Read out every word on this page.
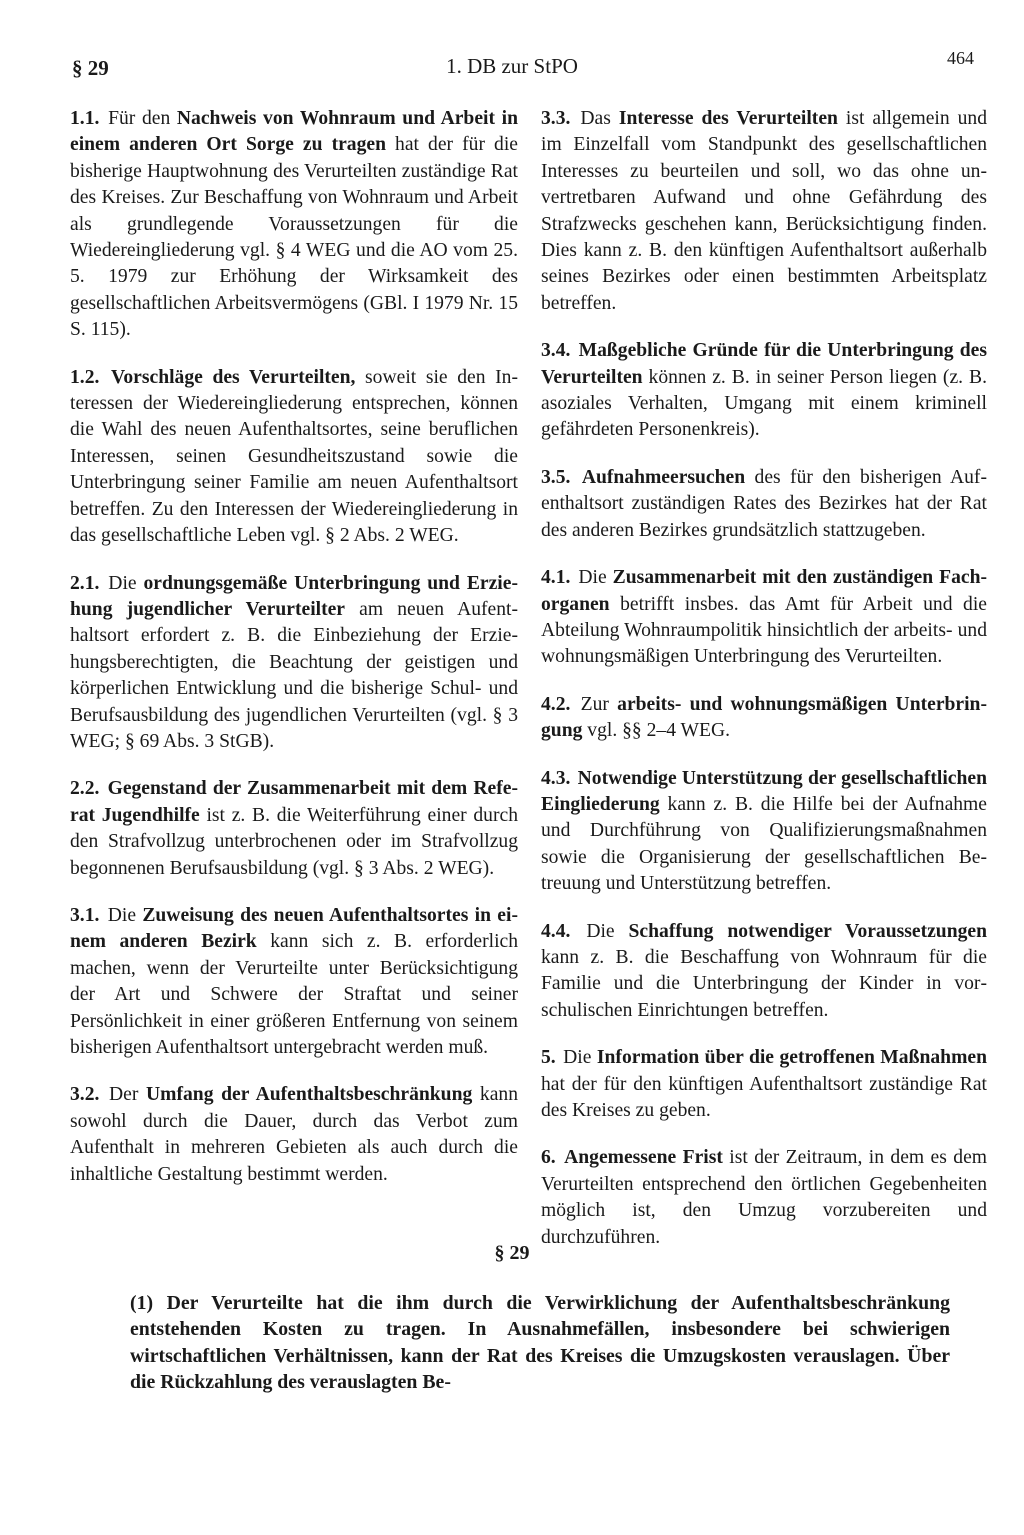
§ 29	1. DB zur StPO	464

1.1. Für den Nachweis von Wohnraum und Arbeit in einem anderen Ort Sorge zu tragen hat der für die bisherige Hauptwohnung des Verurteilten zuständige Rat des Kreises. Zur Beschaffung von Wohnraum und Arbeit als grundlegende Voraussetzungen für die Wiedereingliederung vgl. § 4 WEG und die AO vom 25. 5. 1979 zur Erhöhung der Wirksamkeit des gesellschaftlichen Arbeitsvermögens (GBl. I 1979 Nr. 15 S. 115).

1.2. Vorschläge des Verurteilten, soweit sie den Interessen der Wiedereingliederung entsprechen, können die Wahl des neuen Aufenthaltsortes, seine beruflichen Interessen, seinen Gesundheitszustand sowie die Unterbringung seiner Familie am neuen Aufenthaltsort betreffen. Zu den Interessen der Wiedereingliederung in das gesellschaftliche Leben vgl. § 2 Abs. 2 WEG.

2.1. Die ordnungsgemäße Unterbringung und Erziehung jugendlicher Verurteilter am neuen Aufenthaltsort erfordert z. B. die Einbeziehung der Erziehungsberechtigten, die Beachtung der geistigen und körperlichen Entwicklung und die bisherige Schul- und Berufsausbildung des jugendlichen Verurteilten (vgl. § 3 WEG; § 69 Abs. 3 StGB).

2.2. Gegenstand der Zusammenarbeit mit dem Referat Jugendhilfe ist z. B. die Weiterführung einer durch den Strafvollzug unterbrochenen oder im Strafvollzug begonnenen Berufsausbildung (vgl. § 3 Abs. 2 WEG).

3.1. Die Zuweisung des neuen Aufenthaltsortes in einem anderen Bezirk kann sich z. B. erforderlich machen, wenn der Verurteilte unter Berücksichtigung der Art und Schwere der Straftat und seiner Persönlichkeit in einer größeren Entfernung von seinem bisherigen Aufenthaltsort untergebracht werden muß.

3.2. Der Umfang der Aufenthaltsbeschränkung kann sowohl durch die Dauer, durch das Verbot zum Aufenthalt in mehreren Gebieten als auch durch die inhaltliche Gestaltung bestimmt werden.

3.3. Das Interesse des Verurteilten ist allgemein und im Einzelfall vom Standpunkt des gesellschaftlichen Interesses zu beurteilen und soll, wo das ohne unvertretbaren Aufwand und ohne Gefährdung des Strafzwecks geschehen kann, Berücksichtigung finden. Dies kann z. B. den künftigen Aufenthaltsort außerhalb seines Bezirkes oder einen bestimmten Arbeitsplatz betreffen.

3.4. Maßgebliche Gründe für die Unterbringung des Verurteilten können z. B. in seiner Person liegen (z. B. asoziales Verhalten, Umgang mit einem kriminell gefährdeten Personenkreis).

3.5. Aufnahmeersuchen des für den bisherigen Aufenthaltsort zuständigen Rates des Bezirkes hat der Rat des anderen Bezirkes grundsätzlich stattzugeben.

4.1. Die Zusammenarbeit mit den zuständigen Fachorganen betrifft insbes. das Amt für Arbeit und die Abteilung Wohnraumpolitik hinsichtlich der arbeits- und wohnungsmäßigen Unterbringung des Verurteilten.

4.2. Zur arbeits- und wohnungsmäßigen Unterbringung vgl. §§ 2–4 WEG.

4.3. Notwendige Unterstützung der gesellschaftlichen Eingliederung kann z. B. die Hilfe bei der Aufnahme und Durchführung von Qualifizierungsmaßnahmen sowie die Organisierung der gesellschaftlichen Betreuung und Unterstützung betreffen.

4.4. Die Schaffung notwendiger Voraussetzungen kann z. B. die Beschaffung von Wohnraum für die Familie und die Unterbringung der Kinder in vorschulischen Einrichtungen betreffen.

5. Die Information über die getroffenen Maßnahmen hat der für den künftigen Aufenthaltsort zuständige Rat des Kreises zu geben.

6. Angemessene Frist ist der Zeitraum, in dem es dem Verurteilten entsprechend den örtlichen Gegebenheiten möglich ist, den Umzug vorzubereiten und durchzuführen.

§ 29
(1) Der Verurteilte hat die ihm durch die Verwirklichung der Aufenthaltsbeschränkung entstehenden Kosten zu tragen. In Ausnahmefällen, insbesondere bei schwierigen wirtschaftlichen Verhältnissen, kann der Rat des Kreises die Umzugskosten verauslagen. Über die Rückzahlung des verauslagten Be-
